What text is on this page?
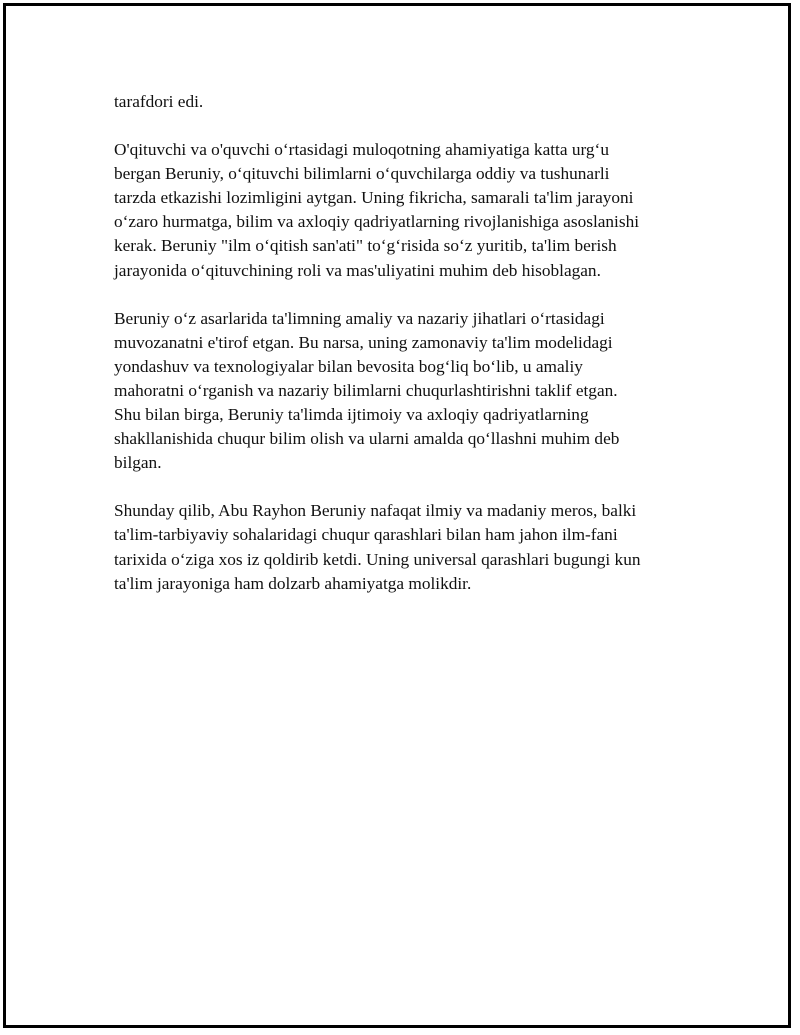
tarafdori edi.

O'qituvchi va o'quvchi o‘rtasidagi muloqotning ahamiyatiga katta urg‘u
bergan Beruniy, o‘qituvchi bilimlarni o‘quvchilarga oddiy va tushunarli
tarzda etkazishi lozimligini aytgan. Uning fikricha, samarali ta'lim jarayoni
o‘zaro hurmatga, bilim va axloqiy qadriyatlarning rivojlanishiga asoslanishi
kerak. Beruniy "ilm o‘qitish san'ati" to‘g‘risida so‘z yuritib, ta'lim berish
jarayonida o‘qituvchining roli va mas'uliyatini muhim deb hisoblagan.

Beruniy o‘z asarlarida ta'limning amaliy va nazariy jihatlari o‘rtasidagi
muvozanatni e'tirof etgan. Bu narsa, uning zamonaviy ta'lim modelidagi
yondashuv va texnologiyalar bilan bevosita bog‘liq bo‘lib, u amaliy
mahoratni o‘rganish va nazariy bilimlarni chuqurlashtirishni taklif etgan.
Shu bilan birga, Beruniy ta'limda ijtimoiy va axloqiy qadriyatlarning
shakllanishida chuqur bilim olish va ularni amalda qo‘llashni muhim deb
bilgan.

Shunday qilib, Abu Rayhon Beruniy nafaqat ilmiy va madaniy meros, balki
ta'lim-tarbiyaviy sohalaridagi chuqur qarashlari bilan ham jahon ilm-fani
tarixida o‘ziga xos iz qoldirib ketdi. Uning universal qarashlari bugungi kun
ta'lim jarayoniga ham dolzarb ahamiyatga molikdir.
